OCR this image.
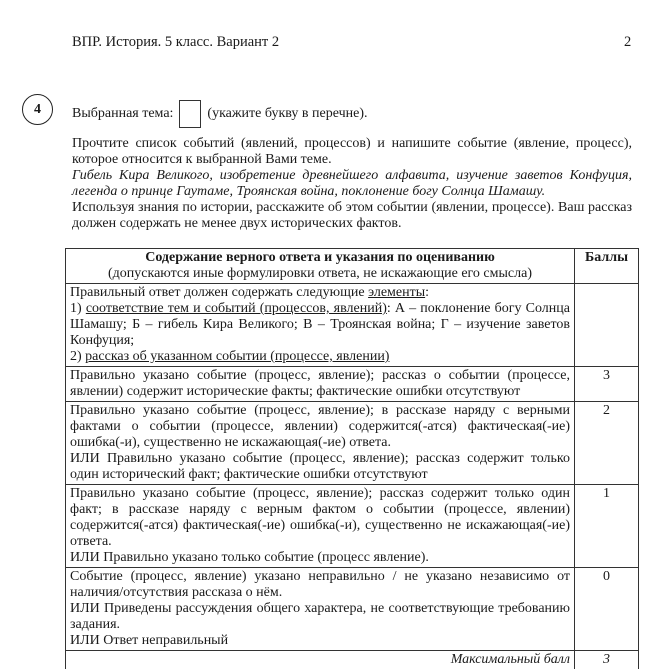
ВПР. История. 5 класс. Вариант 2	2
4	Выбранная тема: (укажите букву в перечне).

Прочтите список событий (явлений, процессов) и напишите событие (явление, процесс), которое относится к выбранной Вами теме.

Гибель Кира Великого, изобретение древнейшего алфавита, изучение заветов Конфуция, легенда о принце Гаутаме, Троянская война, поклонение богу Солнца Шамашу.

Используя знания по истории, расскажите об этом событии (явлении, процессе). Ваш рассказ должен содержать не менее двух исторических фактов.

Содержание верного ответа и указания по оцениванию
(допускаются иные формулировки ответа, не искажающие его смысла)	Баллы

Правильный ответ должен содержать следующие элементы:
1) соответствие тем и событий (процессов, явлений): А – поклонение богу Солнца Шамашу; Б – гибель Кира Великого; В – Троянская война; Г – изучение заветов Конфуция;
2) рассказ об указанном событии (процессе, явлении)	

Правильно указано событие (процесс, явление); рассказ о событии (процессе, явлении) содержит исторические факты; фактические ошибки отсутствуют	3

Правильно указано событие (процесс, явление); в рассказе наряду с верными фактами о событии (процессе, явлении) содержится(-атся) фактическая(-ие) ошибка(-и), существенно не искажающая(-ие) ответа.
ИЛИ Правильно указано событие (процесс, явление); рассказ содержит только один исторический факт; фактические ошибки отсутствуют	2

Правильно указано событие (процесс, явление); рассказ содержит только один факт; в рассказе наряду с верным фактом о событии (процессе, явлении) содержится(-атся) фактическая(-ие) ошибка(-и), существенно не искажающая(-ие) ответа.
ИЛИ Правильно указано только событие (процесс явление).	1

Событие (процесс, явление) указано неправильно / не указано независимо от наличия/отсутствия рассказа о нём.
ИЛИ Приведены рассуждения общего характера, не соответствующие требованию задания.
ИЛИ Ответ неправильный	0
Максимальный балл	3
